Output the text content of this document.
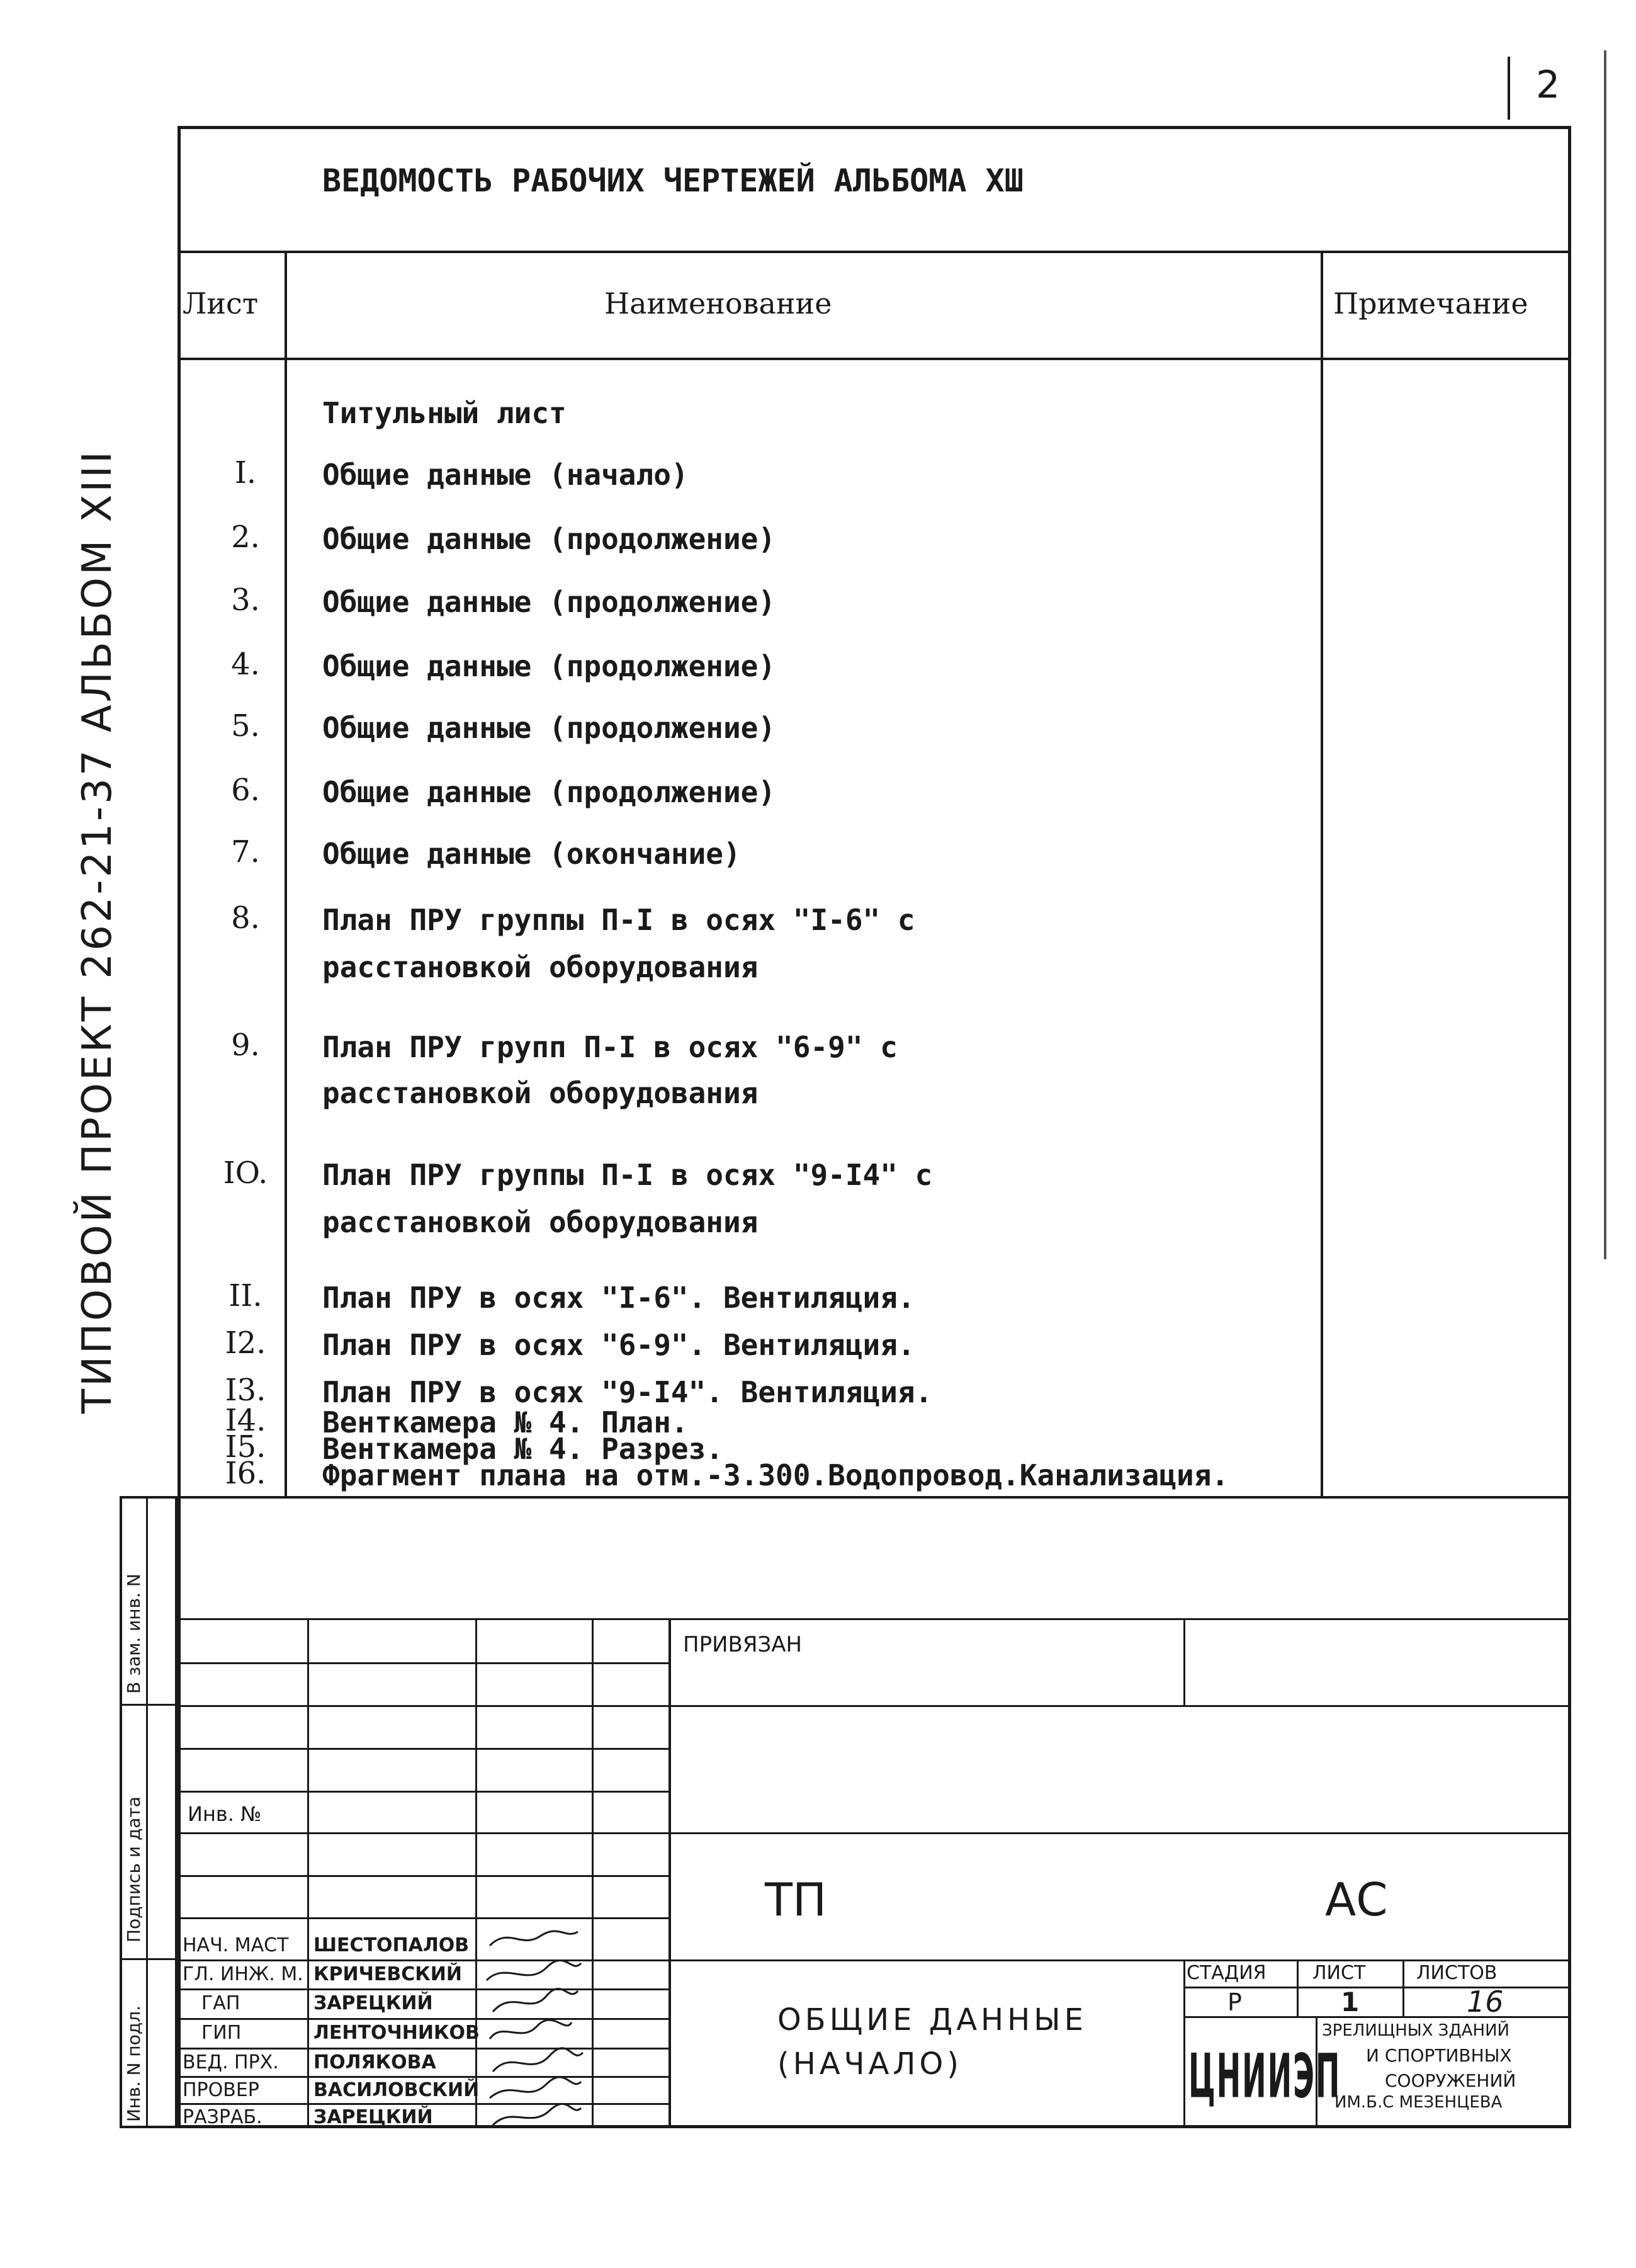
2
ВЕДОМОСТЬ РАБОЧИХ ЧЕРТЕЖЕЙ АЛЬБОМА ХШ
Лист	Наименование	Примечание
Титульный лист
I.	Общие данные (начало)
2.	Общие данные (продолжение)
3.	Общие данные (продолжение)
4.	Общие данные (продолжение)
5.	Общие данные (продолжение)
6.	Общие данные (продолжение)
7.	Общие данные (окончание)
8.	План ПРУ группы П-I в осях "I-6" с
расстановкой оборудования
9.	План ПРУ групп П-I в осях "6-9" с
расстановкой оборудования
IO.	План ПРУ группы П-I в осях "9-I4" с
расстановкой оборудования
II.	План ПРУ в осях "I-6". Вентиляция.
I2.	План ПРУ в осях "6-9". Вентиляция.
I3.	План ПРУ в осях "9-I4". Вентиляция.
I4.	Венткамера № 4. План.
I5.	Венткамера № 4. Разрез.
I6.	Фрагмент плана на отм.-3.300.Водопровод.Канализация.
ТИПОВОЙ ПРОЕКТ 262-21-37 АЛЬБОМ XIII
В зам. инв. N
Подпись и дата
Инв. N подл.
ПРИВЯЗАН
Инв. №
НАЧ. МАСТ ШЕСТОПАЛОВ
ГЛ. ИНЖ. М. КРИЧЕВСКИЙ
ГАП	ЗАРЕЦКИЙ
ГИП	ЛЕНТОЧНИКОВ
ВЕД. ПРХ. ПОЛЯКОВА
ПРОВЕР	ВАСИЛОВСКИЙ
РАЗРАБ.	ЗАРЕЦКИЙ
ТП	АС
ОБЩИЕ ДАННЫЕ
(НАЧАЛО)
СТАДИЯ ЛИСТ	ЛИСТОВ
Р	1	16
ЦНИИЭП
ЗРЕЛИЩНЫХ ЗДАНИЙ
И СПОРТИВНЫХ
СООРУЖЕНИЙ
ИМ.Б.С МЕЗЕНЦЕВА
